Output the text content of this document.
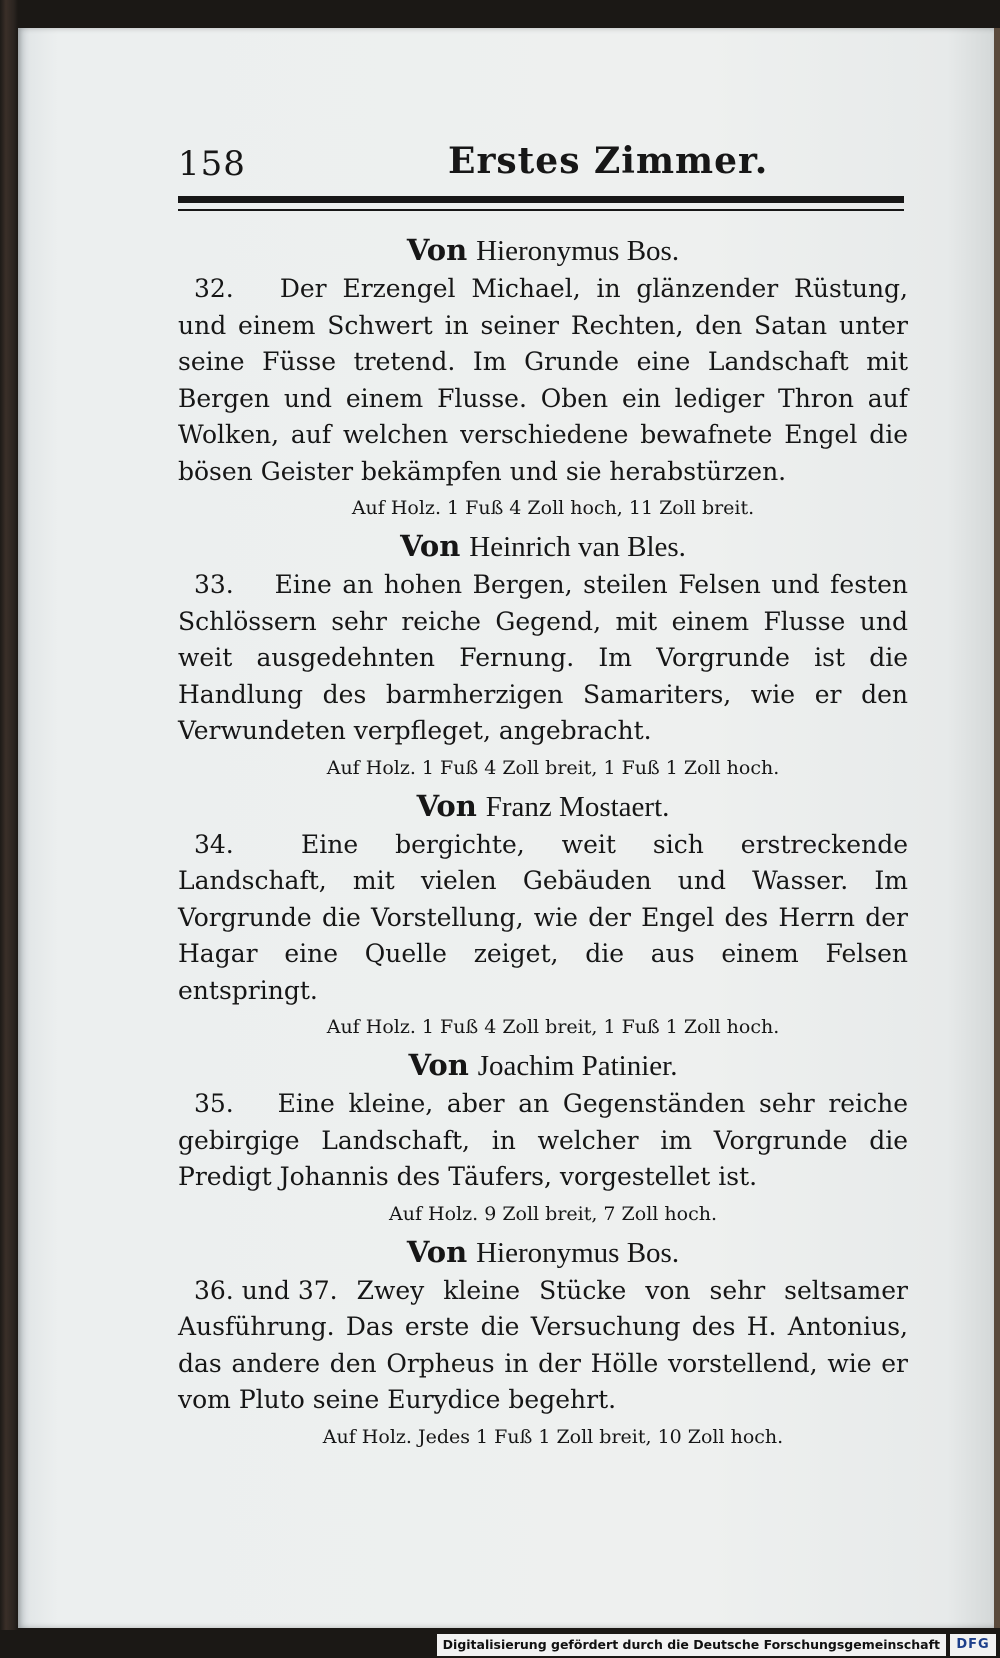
158	Erstes Zimmer.

Von Hieronymus Bos.

32. Der Erzengel Michael, in glänzender Rüstung, und einem Schwert in seiner Rechten, den Satan unter seine Füsse tretend. Im Grunde eine Landschaft mit Bergen und einem Flusse. Oben ein lediger Thron auf Wolken, auf welchen verschiedene bewafnete Engel die bösen Geister bekämpfen und sie herabstürzen.

Auf Holz. 1 Fuß 4 Zoll hoch, 11 Zoll breit.

Von Heinrich van Bles.

33. Eine an hohen Bergen, steilen Felsen und festen Schlössern sehr reiche Gegend, mit einem Flusse und weit ausgedehnten Fernung. Im Vorgrunde ist die Handlung des barmherzigen Samariters, wie er den Verwundeten verpfleget, angebracht.

Auf Holz. 1 Fuß 4 Zoll breit, 1 Fuß 1 Zoll hoch.

Von Franz Mostaert.

34.	Eine bergichte, weit sich erstreckende Landschaft, mit vielen Gebäuden und Wasser. Im Vorgrunde die Vorstellung, wie der Engel des Herrn der Hagar eine Quelle zeiget, die aus einem Felsen entspringt.

Auf Holz. 1 Fuß 4 Zoll breit, 1 Fuß 1 Zoll hoch.

Von Joachim Patinier.

35. Eine kleine, aber an Gegenständen sehr reiche gebirgige Landschaft, in welcher im Vorgrunde die Predigt Johannis des Täufers, vorgestellet ist.

Auf Holz. 9 Zoll breit, 7 Zoll hoch.

Von Hieronymus Bos.

36. und 37. Zwey kleine Stücke von sehr seltsamer Ausführung. Das erste die Versuchung des H. Antonius, das andere den Orpheus in der Hölle vorstellend, wie er vom Pluto seine Eurydice begehrt.

Auf Holz. Jedes 1 Fuß 1 Zoll breit, 10 Zoll hoch.

Digitalisierung gefördert durch die Deutsche Forschungsgemeinschaft	DFG
